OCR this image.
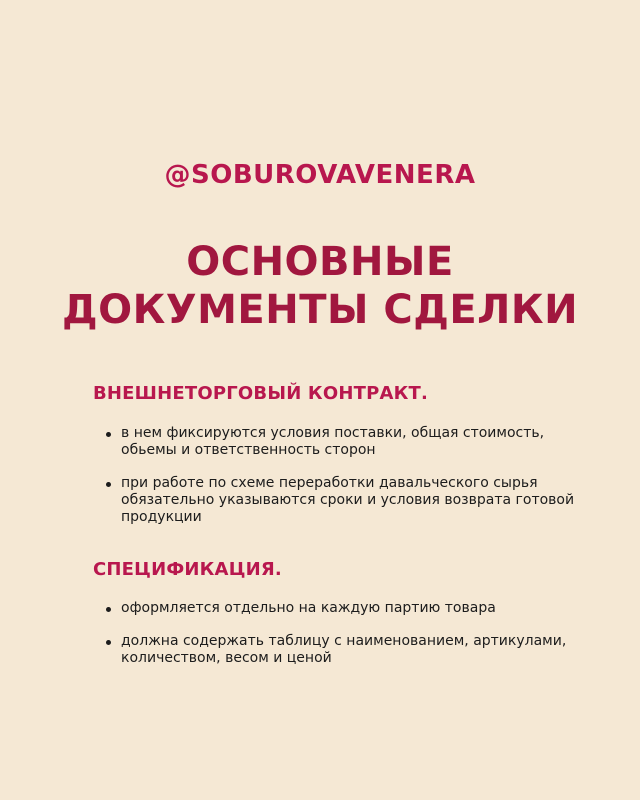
@SOBUROVAVENERA
ОСНОВНЫЕ
ДОКУМЕНТЫ СДЕЛКИ
ВНЕШНЕТОРГОВЫЙ КОНТРАКТ.
в нем фиксируются условия поставки, общая стоимость, обьемы и ответственность сторон
при работе по схеме переработки давальческого сырья обязательно указываются сроки и условия возврата готовой продукции
СПЕЦИФИКАЦИЯ.
оформляется отдельно на каждую партию товара
должна содержать таблицу с наименованием, артикулами, количеством, весом и ценой
